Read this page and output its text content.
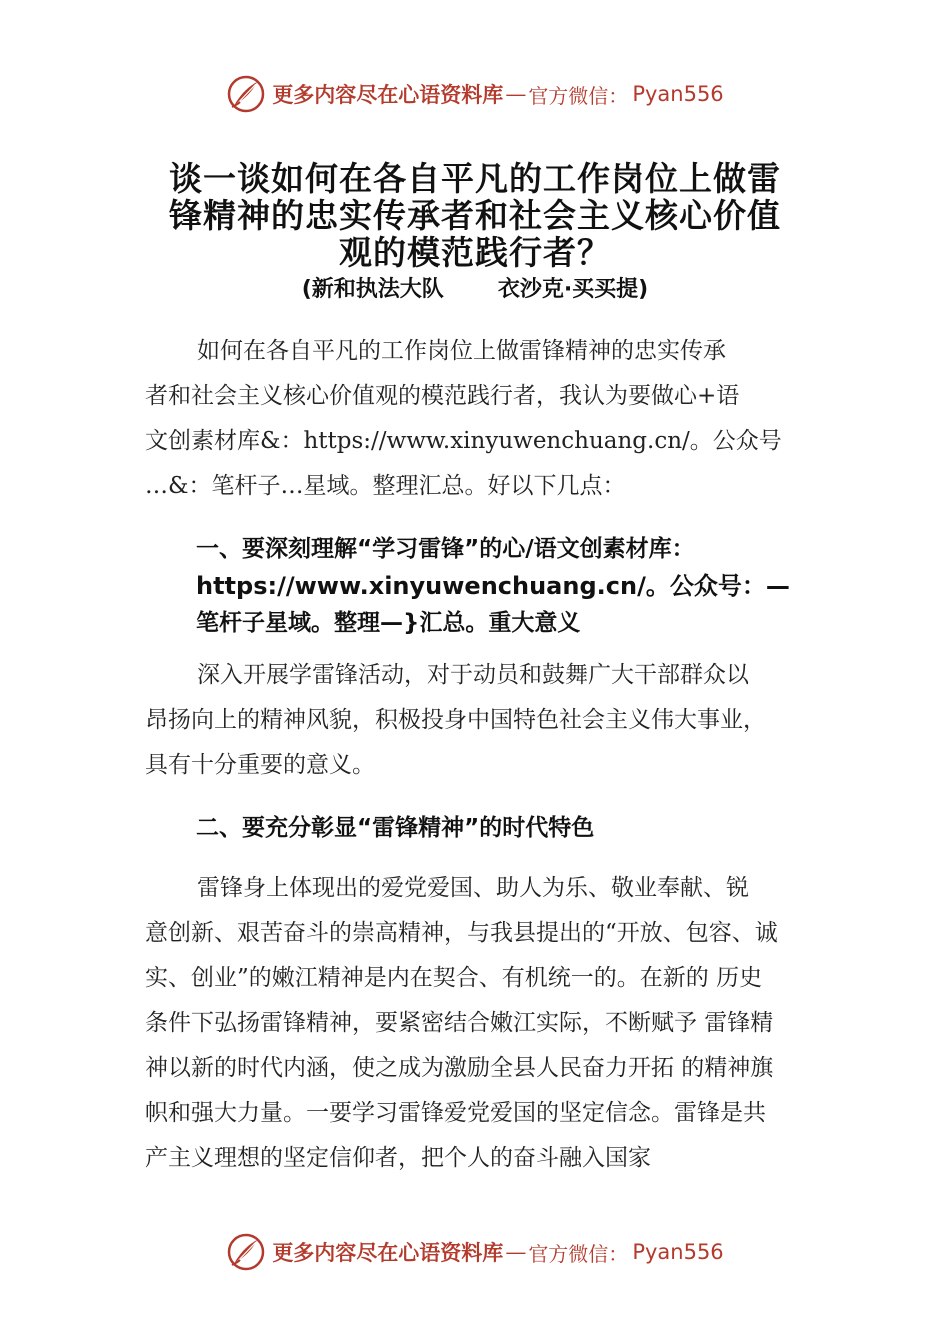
更多内容尽在心语资料库 — 官方微信： Pyan556
谈一谈如何在各自平凡的工作岗位上做雷
锋精神的忠实传承者和社会主义核心价值
观的模范践行者？
(新和执法大队 衣沙克·买买提)
如何在各自平凡的工作岗位上做雷锋精神的忠实传承
者和社会主义核心价值观的模范践行者，我认为要做心+语
文创素材库&：https://www.xinyuwenchuang.cn/。公众号
…&：笔杆子…星域。整理汇总。好以下几点：
一、要深刻理解“学习雷锋”的心/语文创素材库：
https://www.xinyuwenchuang.cn/。公众号：—
笔杆子星域。整理—}汇总。重大意义
深入开展学雷锋活动，对于动员和鼓舞广大干部群众以
昂扬向上的精神风貌，积极投身中国特色社会主义伟大事业，
具有十分重要的意义。
二、要充分彰显“雷锋精神”的时代特色
雷锋身上体现出的爱党爱国、助人为乐、敬业奉献、锐
意创新、艰苦奋斗的崇高精神，与我县提出的“开放、包容、诚
实、创业”的嫩江精神是内在契合、有机统一的。在新的 历史
条件下弘扬雷锋精神，要紧密结合嫩江实际，不断赋予 雷锋精
神以新的时代内涵，使之成为激励全县人民奋力开拓 的精神旗
帜和强大力量。一要学习雷锋爱党爱国的坚定信念。雷锋是共
产主义理想的坚定信仰者，把个人的奋斗融入国家
更多内容尽在心语资料库 — 官方微信： Pyan556
